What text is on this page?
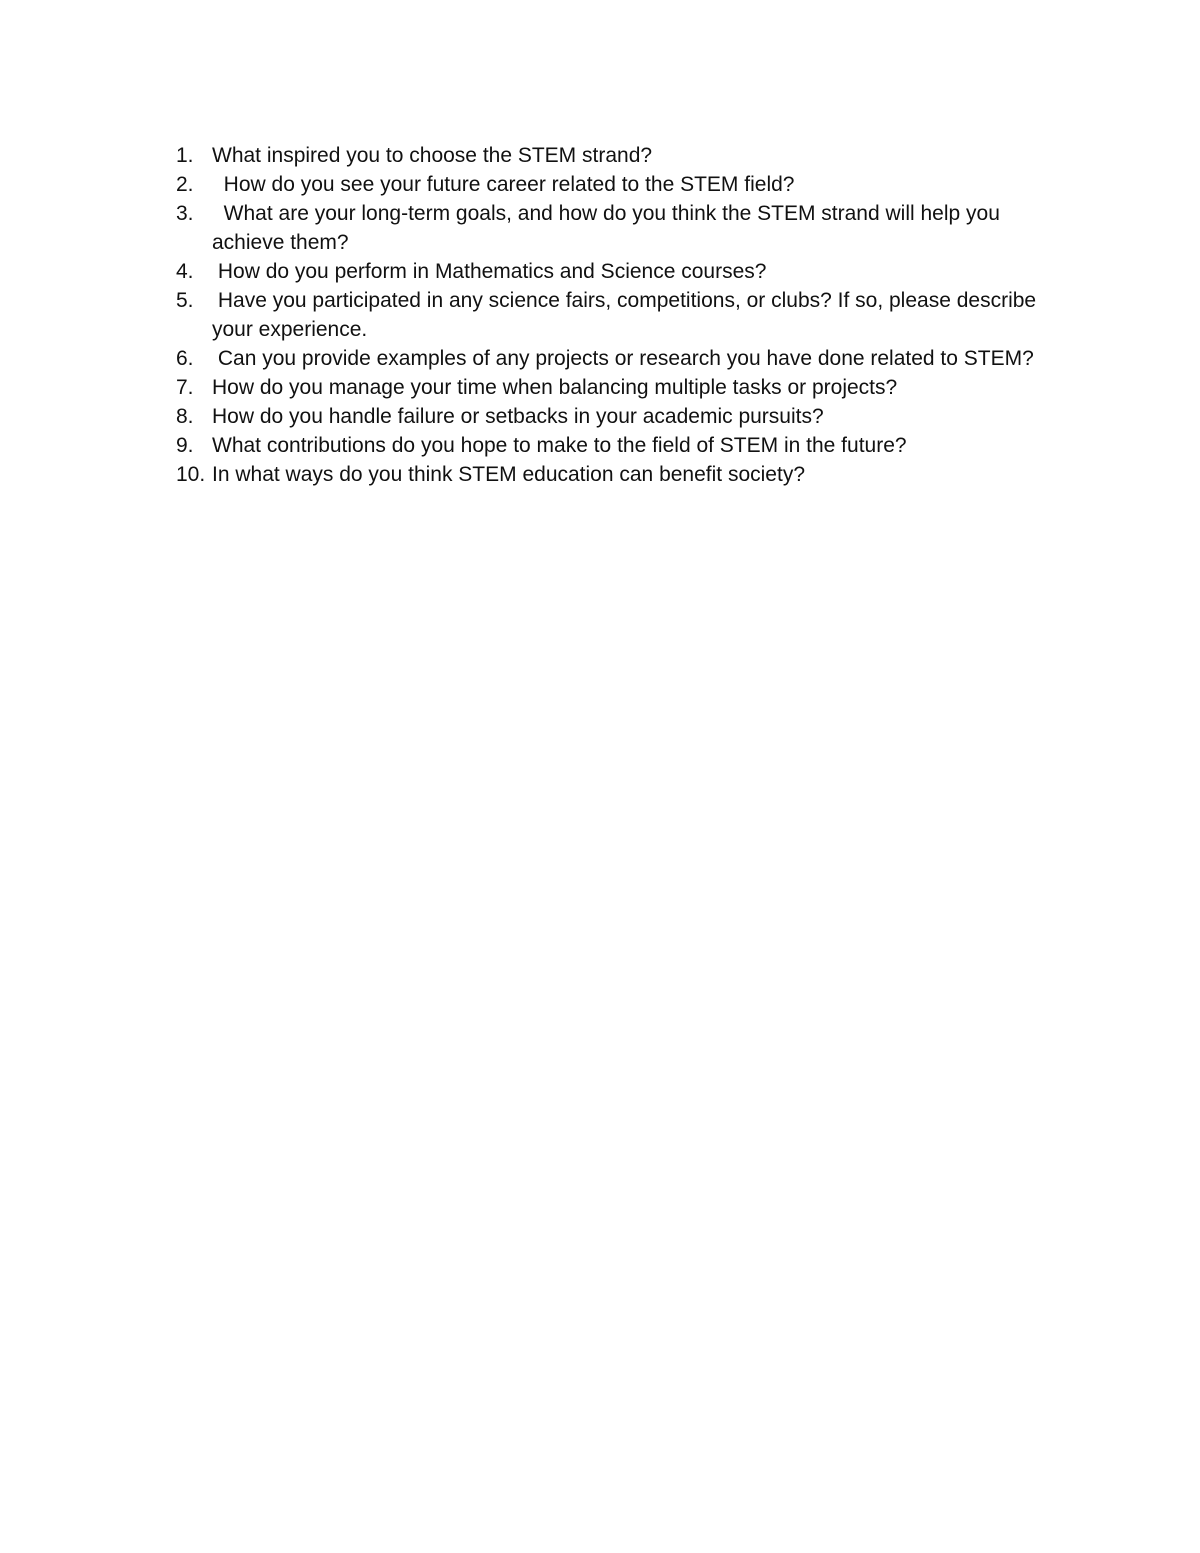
1. What inspired you to choose the STEM strand?
2. How do you see your future career related to the STEM field?
3. What are your long-term goals, and how do you think the STEM strand will help you achieve them?
4. How do you perform in Mathematics and Science courses?
5. Have you participated in any science fairs, competitions, or clubs? If so, please describe your experience.
6. Can you provide examples of any projects or research you have done related to STEM?
7. How do you manage your time when balancing multiple tasks or projects?
8. How do you handle failure or setbacks in your academic pursuits?
9. What contributions do you hope to make to the field of STEM in the future?
10. In what ways do you think STEM education can benefit society?
